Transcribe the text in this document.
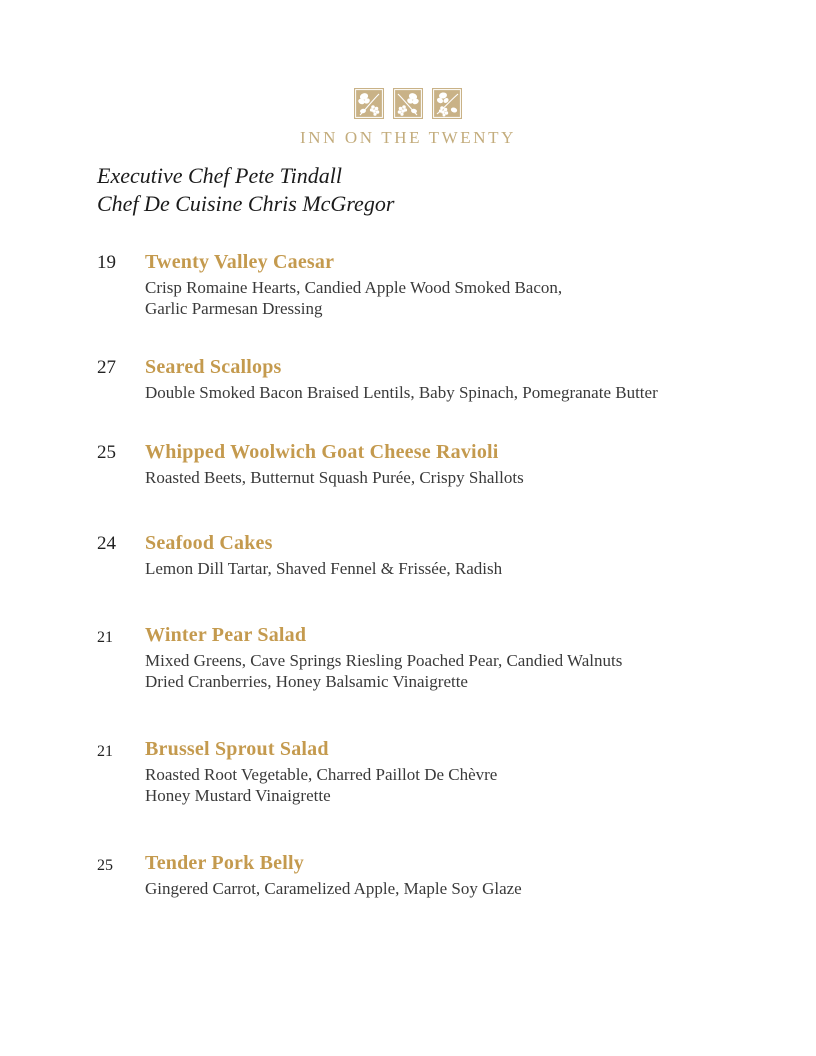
INN ON THE TWENTY
Executive Chef Pete Tindall
Chef De Cuisine Chris McGregor
19	Twenty Valley Caesar
Crisp Romaine Hearts, Candied Apple Wood Smoked Bacon,
Garlic Parmesan Dressing
27	Seared Scallops
Double Smoked Bacon Braised Lentils, Baby Spinach, Pomegranate Butter
25	Whipped Woolwich Goat Cheese Ravioli
Roasted Beets, Butternut Squash Purée, Crispy Shallots
24	Seafood Cakes
Lemon Dill Tartar, Shaved Fennel & Frissée, Radish
21	Winter Pear Salad
Mixed Greens, Cave Springs Riesling Poached Pear, Candied Walnuts
Dried Cranberries, Honey Balsamic Vinaigrette
21	Brussel Sprout Salad
Roasted Root Vegetable, Charred Paillot De Chèvre
Honey Mustard Vinaigrette
25	Tender Pork Belly
Gingered Carrot, Caramelized Apple, Maple Soy Glaze
